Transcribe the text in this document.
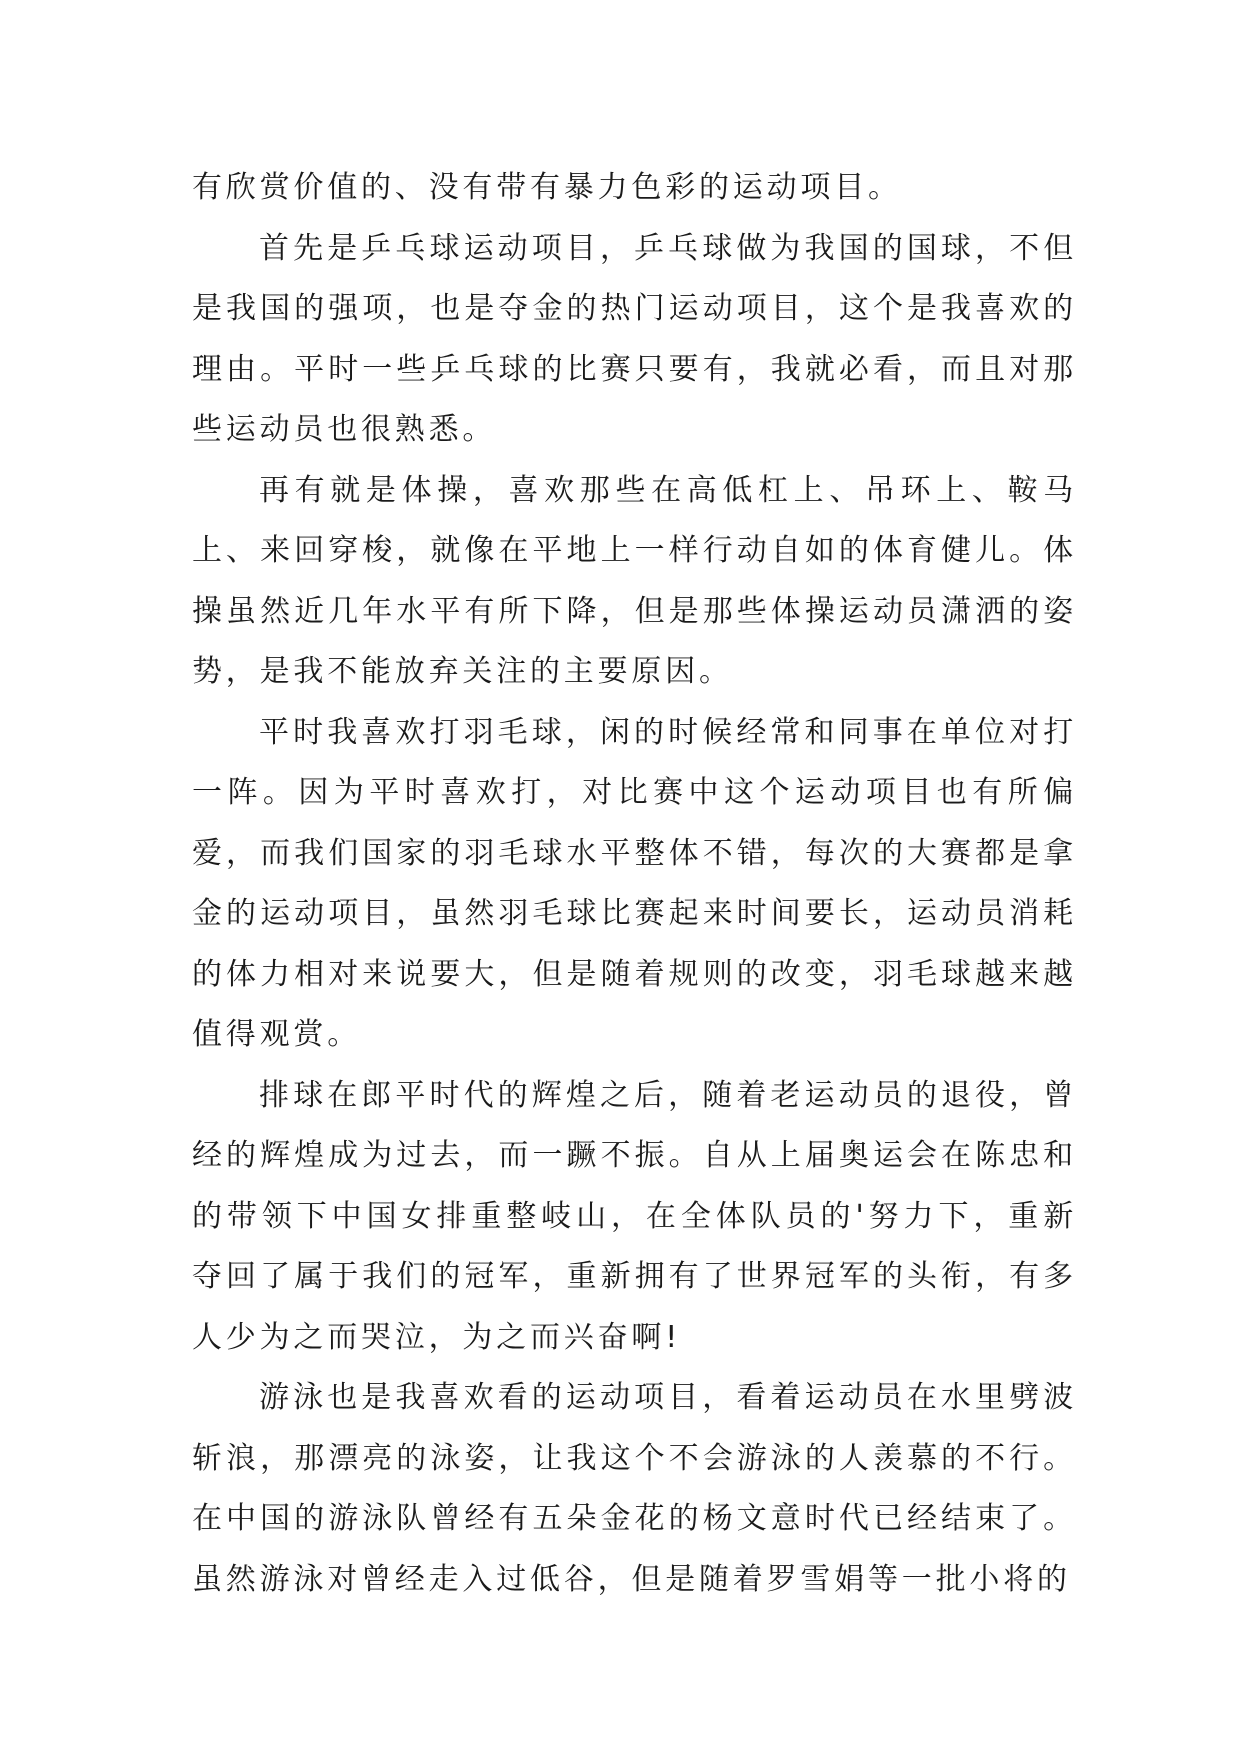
有欣赏价值的、没有带有暴力色彩的运动项目。

首先是乒乓球运动项目，乒乓球做为我国的国球，不但是我国的强项，也是夺金的热门运动项目，这个是我喜欢的理由。平时一些乒乓球的比赛只要有，我就必看，而且对那些运动员也很熟悉。

再有就是体操，喜欢那些在高低杠上、吊环上、鞍马上、来回穿梭，就像在平地上一样行动自如的体育健儿。体操虽然近几年水平有所下降，但是那些体操运动员潇洒的姿势，是我不能放弃关注的主要原因。

平时我喜欢打羽毛球，闲的时候经常和同事在单位对打一阵。因为平时喜欢打，对比赛中这个运动项目也有所偏爱，而我们国家的羽毛球水平整体不错，每次的大赛都是拿金的运动项目，虽然羽毛球比赛起来时间要长，运动员消耗的体力相对来说要大，但是随着规则的改变，羽毛球越来越值得观赏。

排球在郎平时代的辉煌之后，随着老运动员的退役，曾经的辉煌成为过去，而一蹶不振。自从上届奥运会在陈忠和的带领下中国女排重整岐山，在全体队员的'努力下，重新夺回了属于我们的冠军，重新拥有了世界冠军的头衔，有多人少为之而哭泣，为之而兴奋啊!

游泳也是我喜欢看的运动项目，看着运动员在水里劈波斩浪，那漂亮的泳姿，让我这个不会游泳的人羡慕的不行。在中国的游泳队曾经有五朵金花的杨文意时代已经结束了。虽然游泳对曾经走入过低谷，但是随着罗雪娟等一批小将的
